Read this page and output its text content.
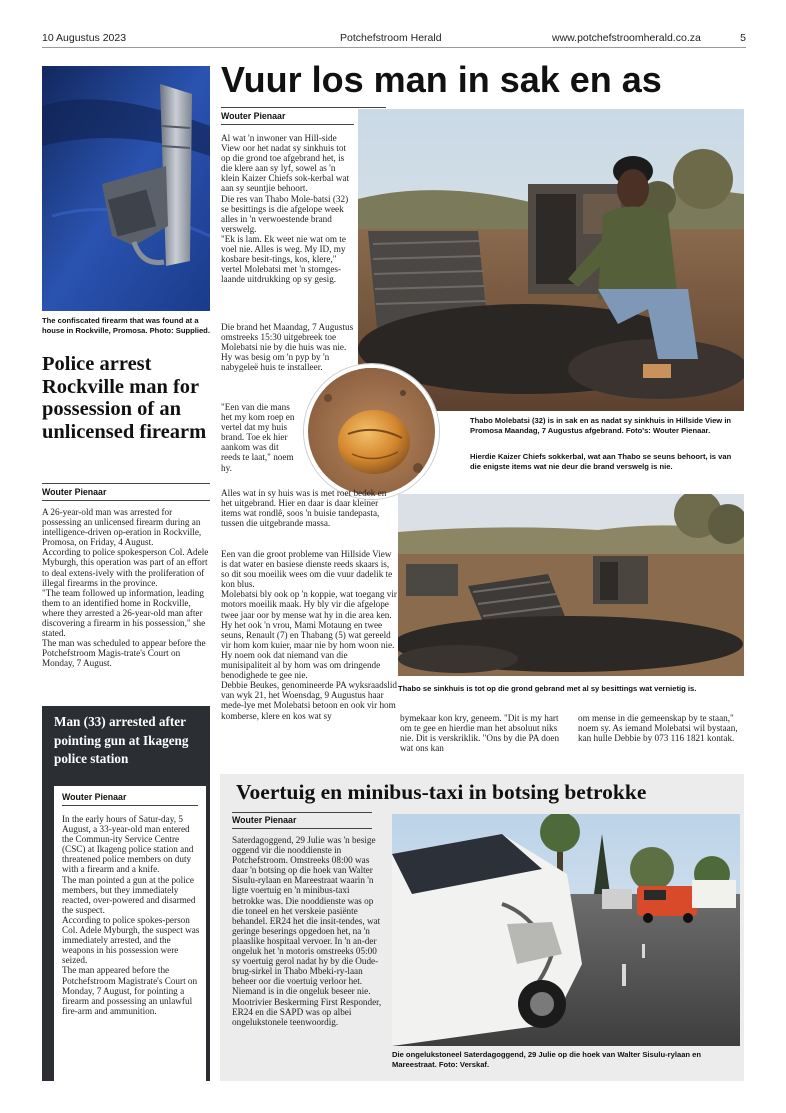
10 Augustus 2023	Potchefstroom Herald	www.potchefstroomherald.co.za	5
The confiscated firearm that was found at a house in Rockville, Promosa. Photo: Supplied.
Police arrest Rockville man for possession of an unlicensed firearm
Wouter Pienaar

A 26-year-old man was arrested for possessing an unlicensed firearm during an intelligence-driven op-eration in Rockville, Promosa, on Friday, 4 August.

According to police spokesperson Col. Adele Myburgh, this operation was part of an effort to deal extens-ively with the proliferation of illegal firearms in the province.

"The team followed up information, leading them to an identified home in Rockville, where they arrested a 26-year-old man after discovering a firearm in his possession," she stated.

The man was scheduled to appear before the Potchefstroom Magis-trate's Court on Monday, 7 August.

Man (33) arrested after pointing gun at Ikageng police station
Wouter Pienaar

In the early hours of Satur-day, 5 August, a 33-year-old man entered the Commun-ity Service Centre (CSC) at Ikageng police station and threatened police members on duty with a firearm and a knife.

The man pointed a gun at the police members, but they immediately reacted, over-powered and disarmed the suspect.

According to police spokes-person Col. Adele Myburgh, the suspect was immediately arrested, and the weapons in his possession were seized.

The man appeared before the Potchefstroom Magistrate's Court on Monday, 7 August, for pointing a firearm and possessing an unlawful fire-arm and ammunition.

Vuur los man in sak en as
Wouter Pienaar
Thabo Molebatsi (32) is in sak en as nadat sy sinkhuis in Hillside View in Promosa Maandag, 7 Augustus afgebrand. Foto's: Wouter Pienaar.
Hierdie Kaizer Chiefs sokkerbal, wat aan Thabo se seuns behoort, is van die enigste items wat nie deur die brand verswelg is nie.
Thabo se sinkhuis is tot op die grond gebrand met al sy besittings wat vernietig is.

Al wat 'n inwoner van Hill-side View oor het nadat sy sinkhuis tot op die grond toe afgebrand het, is die klere aan sy lyf, sowel as 'n klein Kaizer Chiefs sok-kerbal wat aan sy seuntjie behoort.

Die res van Thabo Mole-batsi (32) se besittings is die afgelope week alles in 'n verwoestende brand verswelg.

"Ek is lam. Ek weet nie wat om te voel nie. Alles is weg. My ID, my kosbare besit-tings, kos, klere," vertel Molebatsi met 'n stomges-laande uitdrukking op sy gesig.

Die brand het Maandag, 7 Augustus omstreeks 15:30 uitgebreek toe Molebatsi nie by die huis was nie. Hy was besig om 'n pyp by 'n nabygeleë huis te installeer.

"Een van die mans het my kom roep en vertel dat my huis brand. Toe ek hier aankom was dit reeds te laat," noem hy.

Alles wat in sy huis was is met roet bedek en het uitgebrand. Hier en daar is daar kleiner items wat rondlê, soos 'n buisie tandepasta, tussen die uitgebrande massa.

Een van die groot probleme van Hillside View is dat water en basiese dienste reeds skaars is, so dit sou moeilik wees om die vuur dadelik te kon blus.

Molebatsi bly ook op 'n koppie, wat toegang vir motors moeilik maak. Hy bly vir die afgelope twee jaar oor by mense wat hy in die area ken. Hy het ook 'n vrou, Mami Motaung en twee seuns, Renault (7) en Thabang (5) wat gereeld vir hom kom kuier, maar nie by hom woon nie.

Hy noem ook dat niemand van die munisipaliteit al by hom was om dringende benodighede te gee nie.

Debbie Beukes, genomineerde PA wyksraadslid van wyk 21, het Woensdag, 9 Augustus haar mede-lye met Molebatsi betoon en ook vir hom komberse, klere en kos wat sy	bymekaar kon kry, geneem. "Dit is my hart om te gee en hierdie man het absoluut niks nie. Dit is verskriklik. "Ons by die PA doen wat ons kan
om mense in die gemeenskap by te staan," noem sy. As iemand Molebatsi wil bystaan, kan hulle Debbie by 073 116 1821 kontak.
Voertuig en minibus-taxi in botsing betrokke
Wouter Pienaar
Saterdagoggend, 29 Julie was 'n besige oggend vir die nooddienste in Potchefstroom. Omstreeks 08:00 was daar 'n botsing op die hoek van Walter Sisulu-rylaan en Mareestraat waarin 'n ligte voertuig en 'n minibus-taxi betrokke was. Die nooddienste was op die toneel en het verskeie pasiënte behandel. ER24 het die insit-tendes, wat geringe beserings opgedoen het, na 'n plaaslike hospitaal vervoer. In 'n an-der ongeluk het 'n motoris omstreeks 05:00 sy voertuig gerol nadat hy by die Oude-brug-sirkel in Thabo Mbeki-ry-laan beheer oor die voertuig verloor het. Niemand is in die ongeluk beseer nie. Mootrivier Beskerming First Responder, ER24 en die SAPD was op albei ongelukstonele teenwoordig.
Die ongelukstoneel Saterdagoggend, 29 Julie op die hoek van Walter Sisulu-rylaan en Mareestraat. Foto: Verskaf.
